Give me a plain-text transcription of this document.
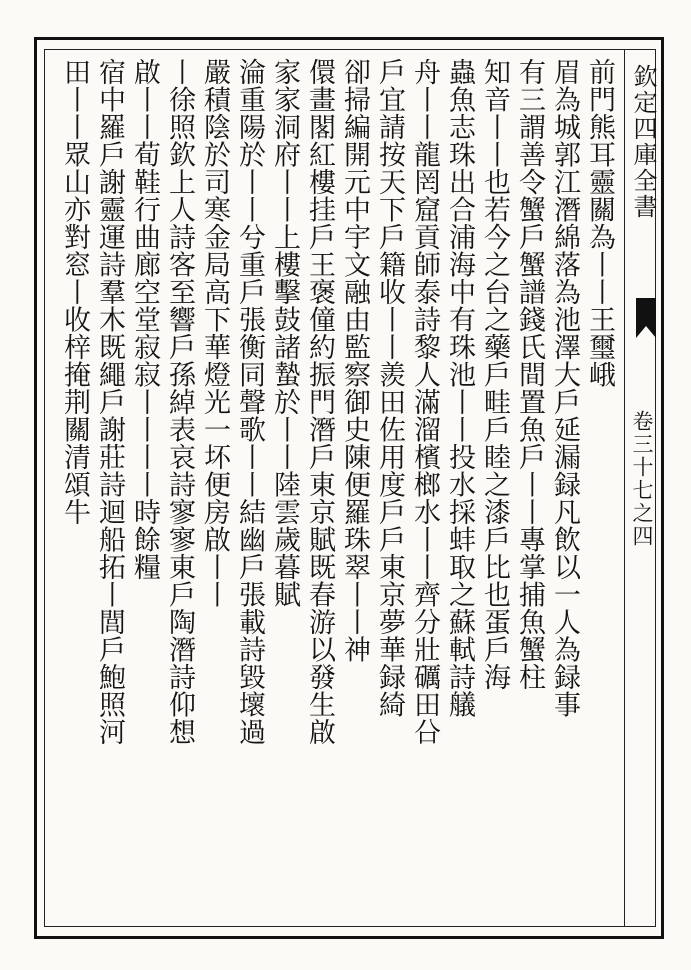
欽定四庫全書
卷三十七之四
前門熊耳靈關為丨丨王璽峨
眉為城郭江潛綿落為池澤大戶延漏録凡飲以一人為録事
有三謂善令蟹戶蟹譜錢氏間置魚戶丨丨專掌捕魚蟹柱
知音丨丨也若今之台之藥戶畦戶睦之漆戶比也蛋戶海
蟲魚志珠出合浦海中有珠池丨丨投水採蚌取之蘇軾詩艤
舟丨丨龍罔窟貢師泰詩黎人滿溜檳榔水丨丨齊分壯礪田㕣
戶宜請按天下戶籍收丨丨羨田佐用度戶戶東京夢華録綺
卻掃編開元中宇文融由監察御史陳便羅珠翠丨丨神
儇畫閣紅樓挂戶王褒僮約振門潛戶東京賦既春游以發生啟
家家洞府丨丨上樓擊鼓諸蟄於丨丨陸雲歲暮賦
淪重陽於丨丨兮重戶張衡同聲歌丨丨結幽戶張載詩毀壞過
嚴積陰於司寒金局高下華燈光一坏便房啟丨丨
丨徐照欽上人詩客至響戶孫綽表哀詩寥寥東戶陶潛詩仰想
啟丨丨荀鞋行曲廊空堂寂寂丨丨丨丨時餘糧
宿中羅戶謝靈運詩羣木既繩戶謝莊詩迴船拓丨閭戶鮑照河
田丨丨眾山亦對窓丨收梓掩荆關清頌牛
